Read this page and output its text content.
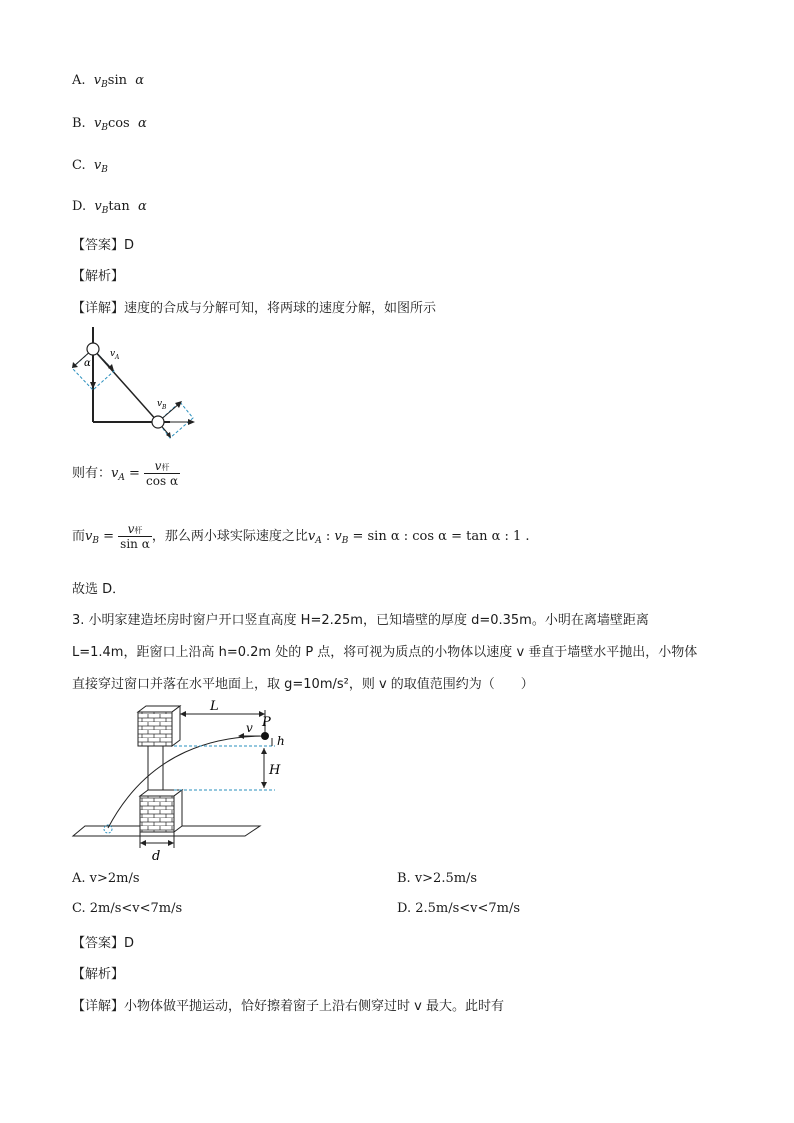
A. $v_B\sin$ α
B. $v_B\cos$ α
C. $v_B$
D. $v_B\tan$ α
【答案】D
【解析】
【详解】速度的合成与分解可知，将两球的速度分解，如图所示
α
v A
v B
则有：$v_A = \frac{\text{v杆}}{\text{cos α}}$
而$v_B = \frac{\text{v杆}}{\text{sin α}}$ ，那么两小球实际速度之比$v_A$ : $v_B = \sin \alpha$ : cos α = tan α : 1 .
故选 D．
3. 小明家建造坯房时窗户开口竖直高度 H=2.25m，已知墙壁的厚度 d=0.35m。小明在离墙壁距离
L=1.4m，距窗口上沿高 h=0.2m 处的 P 点，将可视为质点的小物体以速度 v 垂直于墙壁水平抛出，小物体
直接穿过窗口并落在水平地面上，取 g=10m/s²，则 v 的取值范围约为（　　）
L
P
v
h
H
d
A. v>2m/s	B. v>2.5m/s
C. 2m/s<v<7m/s	D. 2.5m/s<v<7m/s
【答案】D
【解析】
【详解】小物体做平抛运动，恰好擦着窗子上沿右侧穿过时 v 最大。此时有
